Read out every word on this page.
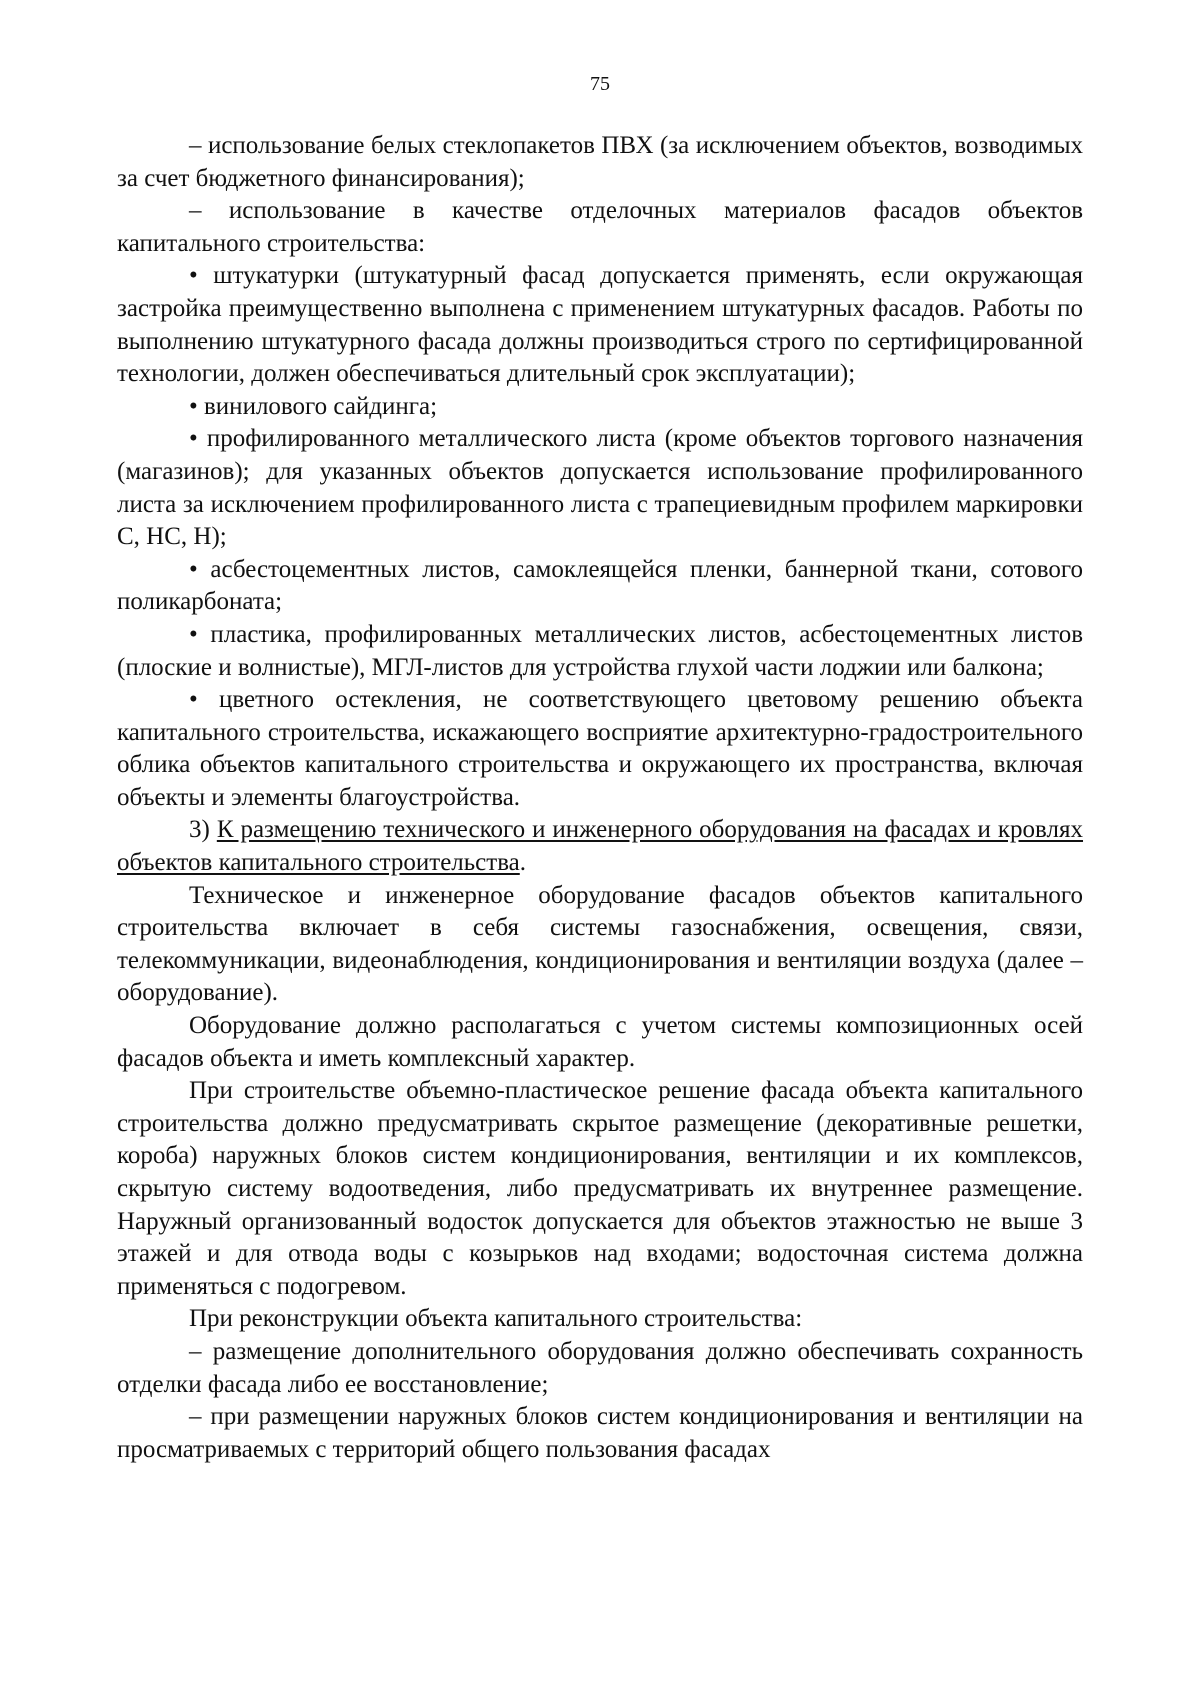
75

– использование белых стеклопакетов ПВХ (за исключением объектов, возводимых за счет бюджетного финансирования);

– использование в качестве отделочных материалов фасадов объектов капитального строительства:

• штукатурки (штукатурный фасад допускается применять, если окружающая застройка преимущественно выполнена с применением штукатурных фасадов. Работы по выполнению штукатурного фасада должны производиться строго по сертифицированной технологии, должен обеспечиваться длительный срок эксплуатации);

• винилового сайдинга;

• профилированного металлического листа (кроме объектов торгового назначения (магазинов); для указанных объектов допускается использование профилированного листа за исключением профилированного листа с трапециевидным профилем маркировки С, НС, Н);

• асбестоцементных листов, самоклеящейся пленки, баннерной ткани, сотового поликарбоната;

• пластика, профилированных металлических листов, асбестоцементных листов (плоские и волнистые), МГЛ-листов для устройства глухой части лоджии или балкона;

• цветного остекления, не соответствующего цветовому решению объекта капитального строительства, искажающего восприятие архитектурно-градостроительного облика объектов капитального строительства и окружающего их пространства, включая объекты и элементы благоустройства.

3) К размещению технического и инженерного оборудования на фасадах и кровлях объектов капитального строительства.

Техническое и инженерное оборудование фасадов объектов капитального строительства включает в себя системы газоснабжения, освещения, связи, телекоммуникации, видеонаблюдения, кондиционирования и вентиляции воздуха (далее – оборудование).

Оборудование должно располагаться с учетом системы композиционных осей фасадов объекта и иметь комплексный характер.

При строительстве объемно-пластическое решение фасада объекта капитального строительства должно предусматривать скрытое размещение (декоративные решетки, короба) наружных блоков систем кондиционирования, вентиляции и их комплексов, скрытую систему водоотведения, либо предусматривать их внутреннее размещение. Наружный организованный водосток допускается для объектов этажностью не выше 3 этажей и для отвода воды с козырьков над входами; водосточная система должна применяться с подогревом.

При реконструкции объекта капитального строительства:

– размещение дополнительного оборудования должно обеспечивать сохранность отделки фасада либо ее восстановление;

– при размещении наружных блоков систем кондиционирования и вентиляции на просматриваемых с территорий общего пользования фасадах
